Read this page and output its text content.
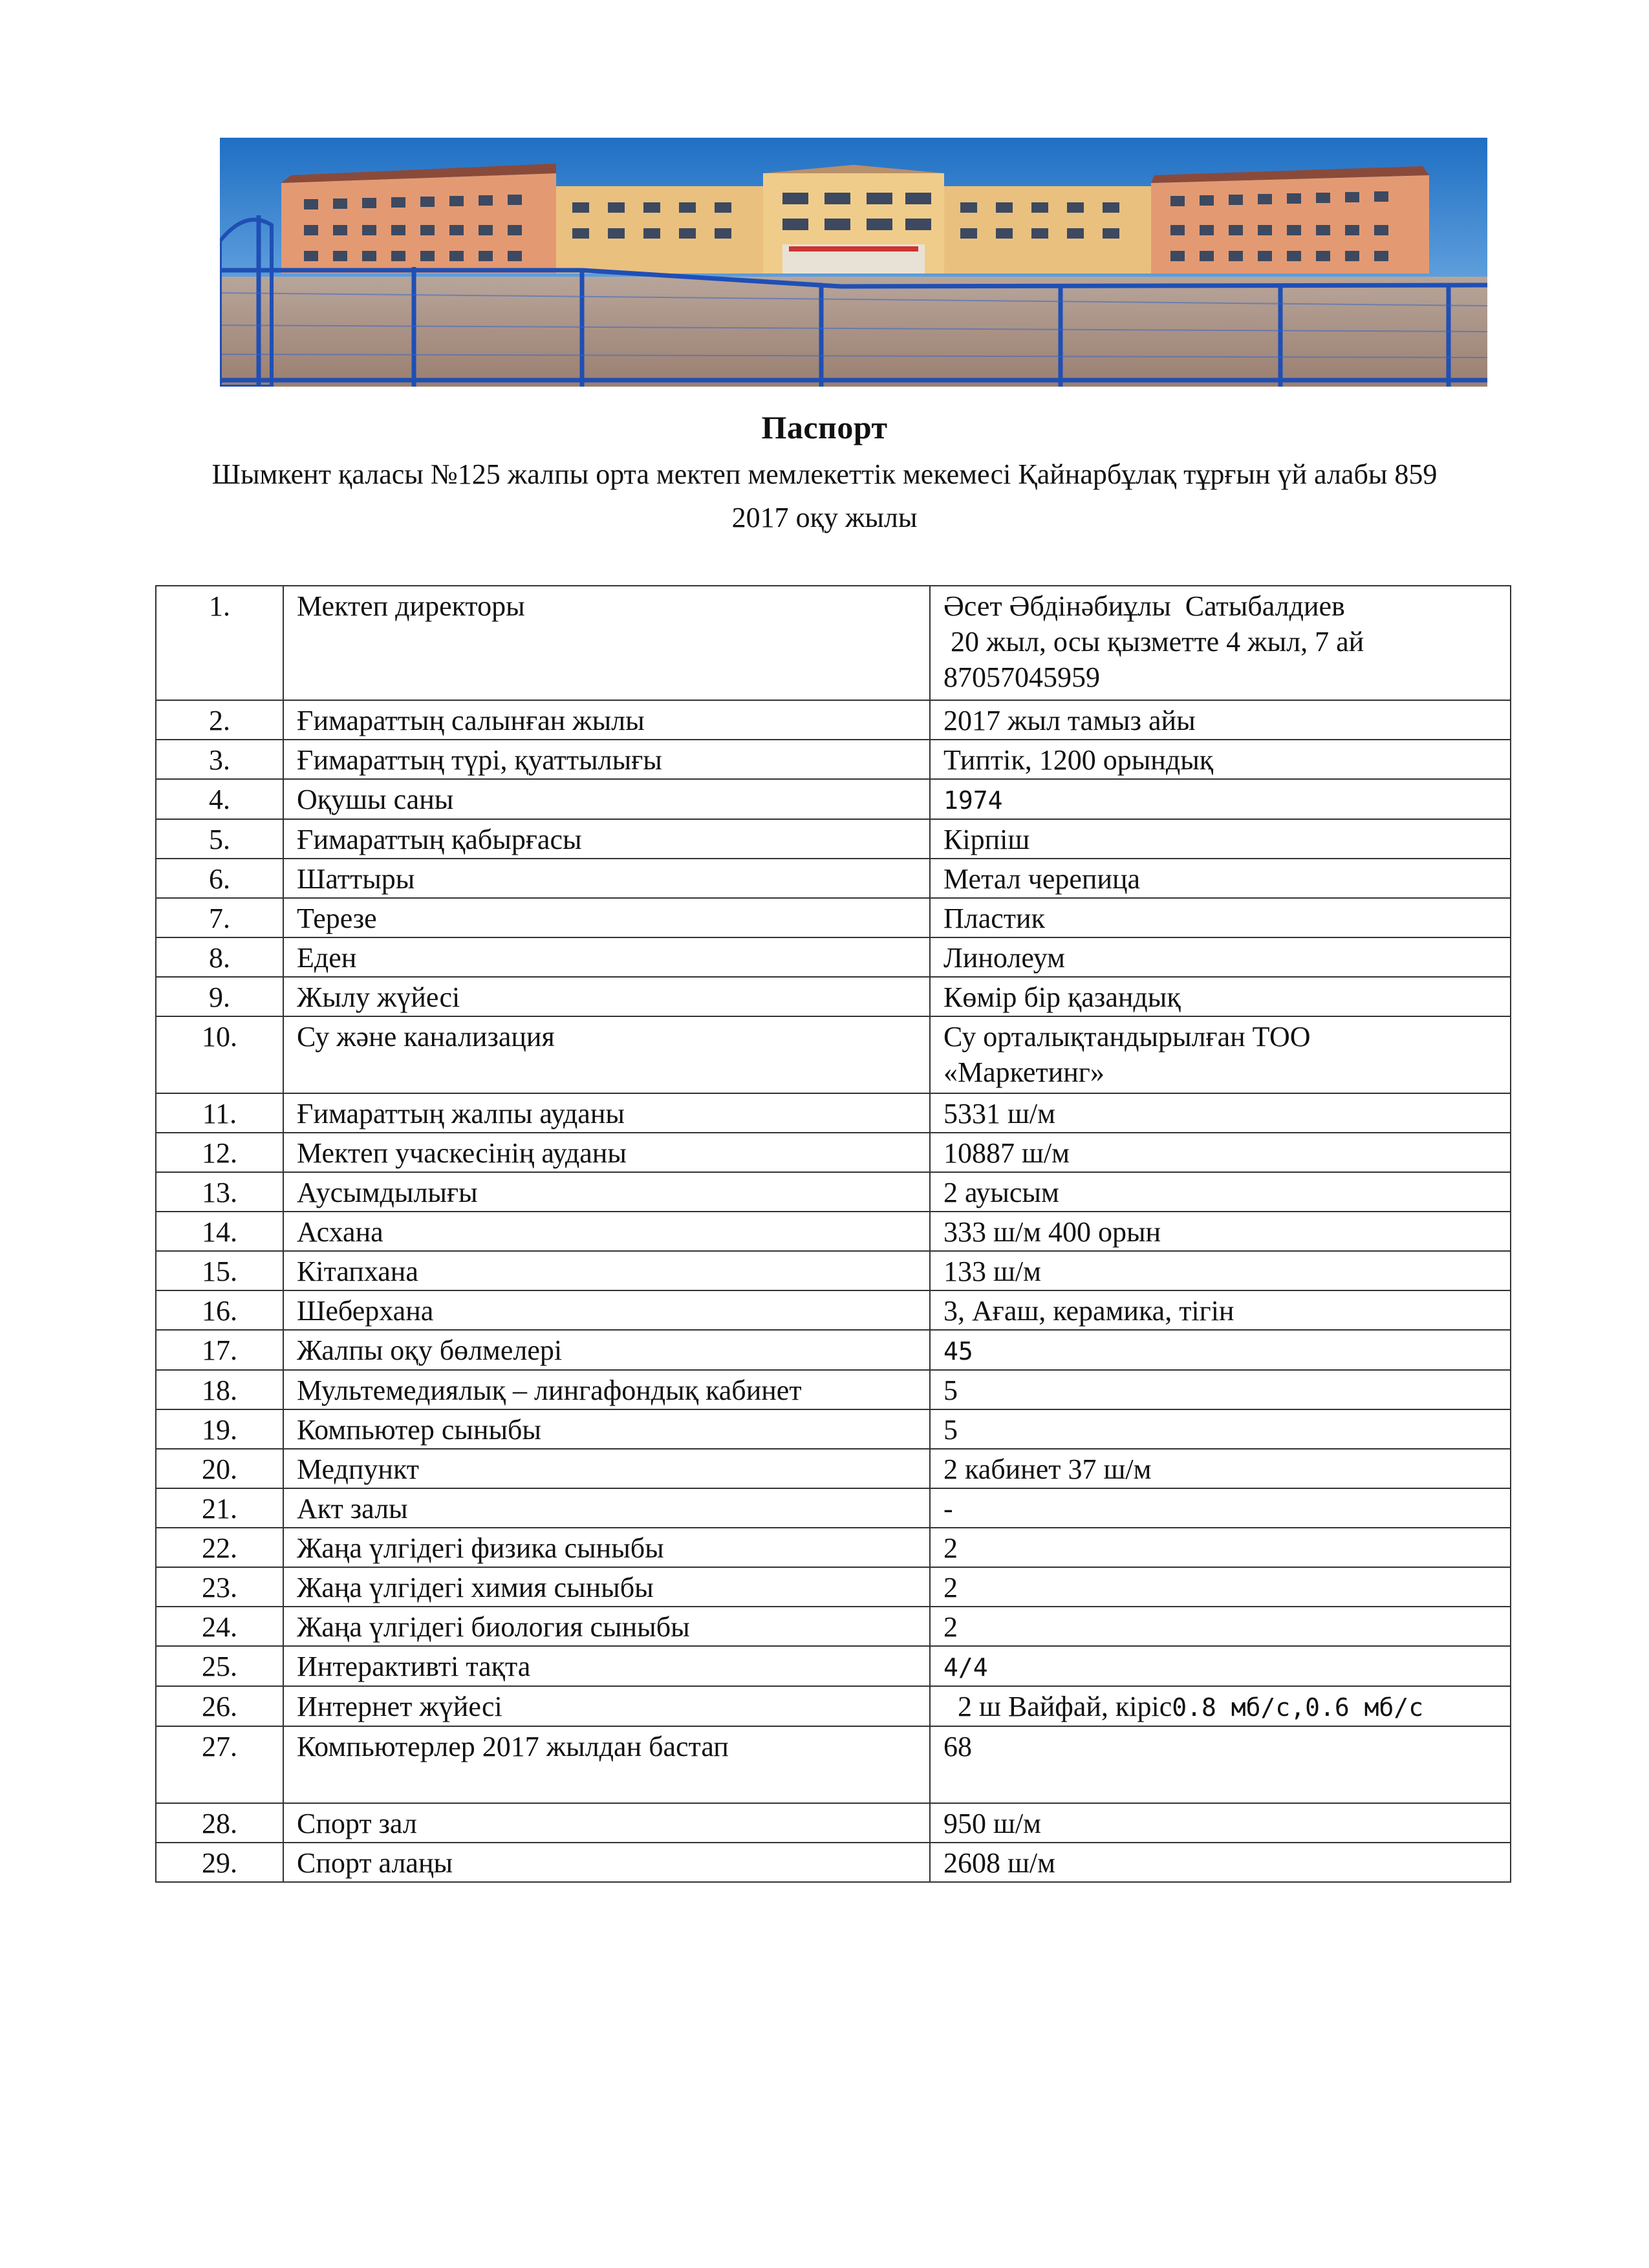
Паспорт
Шымкент қаласы №125 жалпы орта мектеп мемлекеттік мекемесі Қайнарбұлақ тұрғын үй алабы 859
2017 оқу жылы
1.	Мектеп директоры	Әсет Әбдінәбиұлы  Сатыбалдиев
20 жыл, осы қызметте 4 жыл, 7 ай
87057045959

2.	Ғимараттың салынған жылы	2017 жыл тамыз айы
3.	Ғимараттың түрі, қуаттылығы	Типтік, 1200 орындық
4.	Оқушы саны	1974
5.	Ғимараттың қабырғасы	Кірпіш
6.	Шаттыры	Метал черепица
7.	Терезе	Пластик
8.	Еден	Линолеум
9.	Жылу жүйесі	Көмір бір қазандық
10.	Су және канализация	Су орталықтандырылған ТОО
«Маркетинг»

11.	Ғимараттың жалпы ауданы	5331 ш/м
12.	Мектеп учаскесінің ауданы	10887 ш/м
13.	Аусымдылығы	2 ауысым
14.	Асхана	333 ш/м 400 орын
15.	Кітапхана	133 ш/м
16.	Шеберхана	3, Ағаш, керамика, тігін
17.	Жалпы оқу бөлмелері	45
18.	Мультемедиялық – лингафондық кабинет	5
19.	Компьютер сыныбы	5
20.	Медпункт	2 кабинет 37 ш/м
21.	Акт залы	-
22.	Жаңа үлгідегі физика сыныбы	2
23.	Жаңа үлгідегі химия сыныбы	2
24.	Жаңа үлгідегі биология сыныбы	2
25.	Интерактивті тақта	4/4
26.	Интернет жүйесі	2 ш Вайфай, кіріс0.8 мб/с,0.6 мб/с
27.	Компьютерлер 2017 жылдан бастап	68
28.	Спорт зал	950 ш/м
29.	Спорт алаңы	2608 ш/м
